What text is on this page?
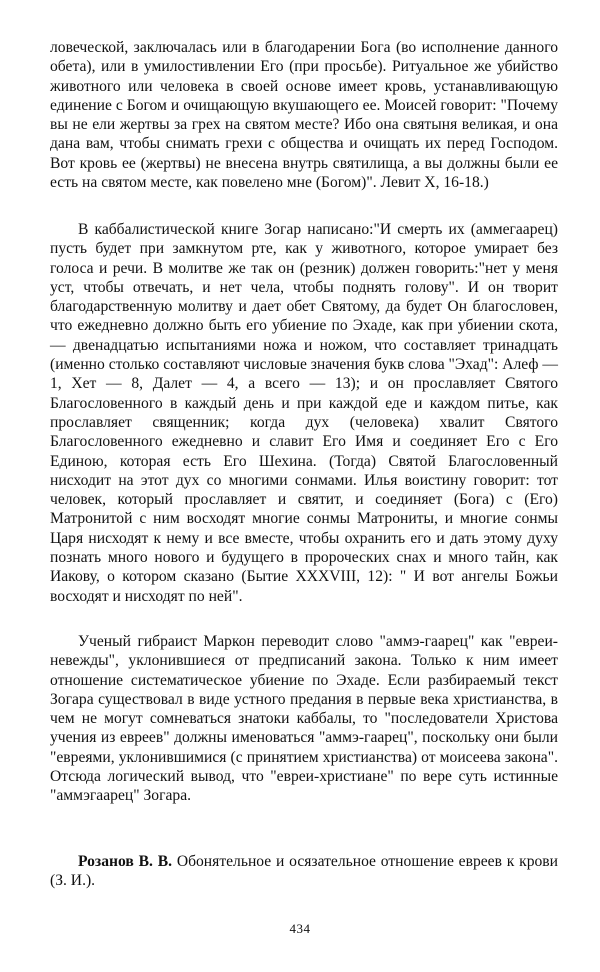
ловеческой, заключалась или в благодарении Бога (во исполнение данного обета), или в умилостивлении Его (при просьбе). Ритуальное же убийство животного или человека в своей основе имеет кровь, устанавливающую единение с Богом и очищающую вкушающего ее. Моисей говорит: "Почему вы не ели жертвы за грех на святом месте? Ибо она святыня великая, и она дана вам, чтобы снимать грехи с общества и очищать их перед Господом. Вот кровь ее (жертвы) не внесена внутрь святилища, а вы должны были ее есть на святом месте, как повелено мне (Богом)". Левит X, 16-18.)

В каббалистической книге Зогар написано:"И смерть их (аммегаарец) пусть будет при замкнутом рте, как у животного, которое умирает без голоса и речи. В молитве же так он (резник) должен говорить:"нет у меня уст, чтобы отвечать, и нет чела, чтобы поднять голову". И он творит благодарственную молитву и дает обет Святому, да будет Он благословен, что ежедневно должно быть его убиение по Эхаде, как при убиении скота, — двенадцатью испытаниями ножа и ножом, что составляет тринадцать (именно столько составляют числовые значения букв слова "Эхад": Алеф — 1, Хет — 8, Далет — 4, а всего — 13); и он прославляет Святого Благословенного в каждый день и при каждой еде и каждом питье, как прославляет священник; когда дух (человека) хвалит Святого Благословенного ежедневно и славит Его Имя и соединяет Его с Его Единою, которая есть Его Шехина. (Тогда) Святой Благословенный нисходит на этот дух со многими сонмами. Илья воистину говорит: тот человек, который прославляет и святит, и соединяет (Бога) с (Его) Матронитой с ним восходят многие сонмы Матрониты, и многие сонмы Царя нисходят к нему и все вместе, чтобы охранить его и дать этому духу познать много нового и будущего в пророческих снах и много тайн, как Иакову, о котором сказано (Бытие XXXVIII, 12): " И вот ангелы Божьи восходят и нисходят по ней".

Ученый гибраист Маркон переводит слово "аммэ-гаарец" как "евреи-невежды", уклонившиеся от предписаний закона. Только к ним имеет отношение систематическое убиение по Эхаде. Если разбираемый текст Зогара существовал в виде устного предания в первые века христианства, в чем не могут сомневаться знатоки каббалы, то "последователи Христова учения из евреев" должны именоваться "аммэ-гаарец", поскольку они были "евреями, уклонившимися (с принятием христианства) от моисеева закона". Отсюда логический вывод, что "евреи-христиане" по вере суть истинные "аммэгаарец" Зогара.

Розанов В. В. Обонятельное и осязательное отношение евреев к крови (З. И.).

434
